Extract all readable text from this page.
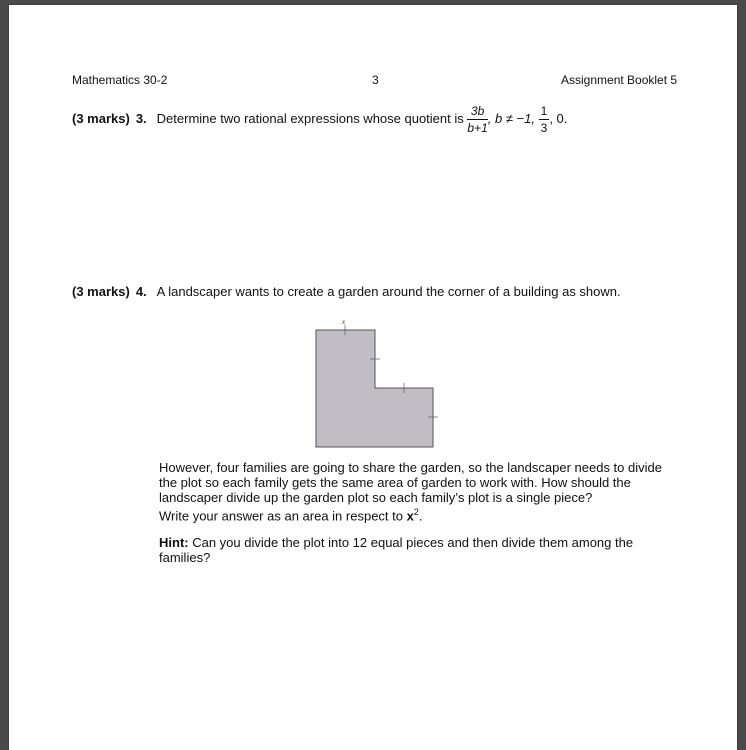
Mathematics 30-2	3	Assignment Booklet 5
(3 marks) 3. Determine two rational expressions whose quotient is $\frac{3b}{b+1}$ , b ≠ −1, $\frac{1}{3}$ , 0.
(3 marks) 4. A landscaper wants to create a garden around the corner of a building as shown.
x
However, four families are going to share the garden, so the landscaper needs to divide
the plot so each family gets the same area of garden to work with. How should the
landscaper divide up the garden plot so each family’s plot is a single piece?
Write your answer as an area in respect to $x^2$.
Hint: Can you divide the plot into 12 equal pieces and then divide them among the
families?
